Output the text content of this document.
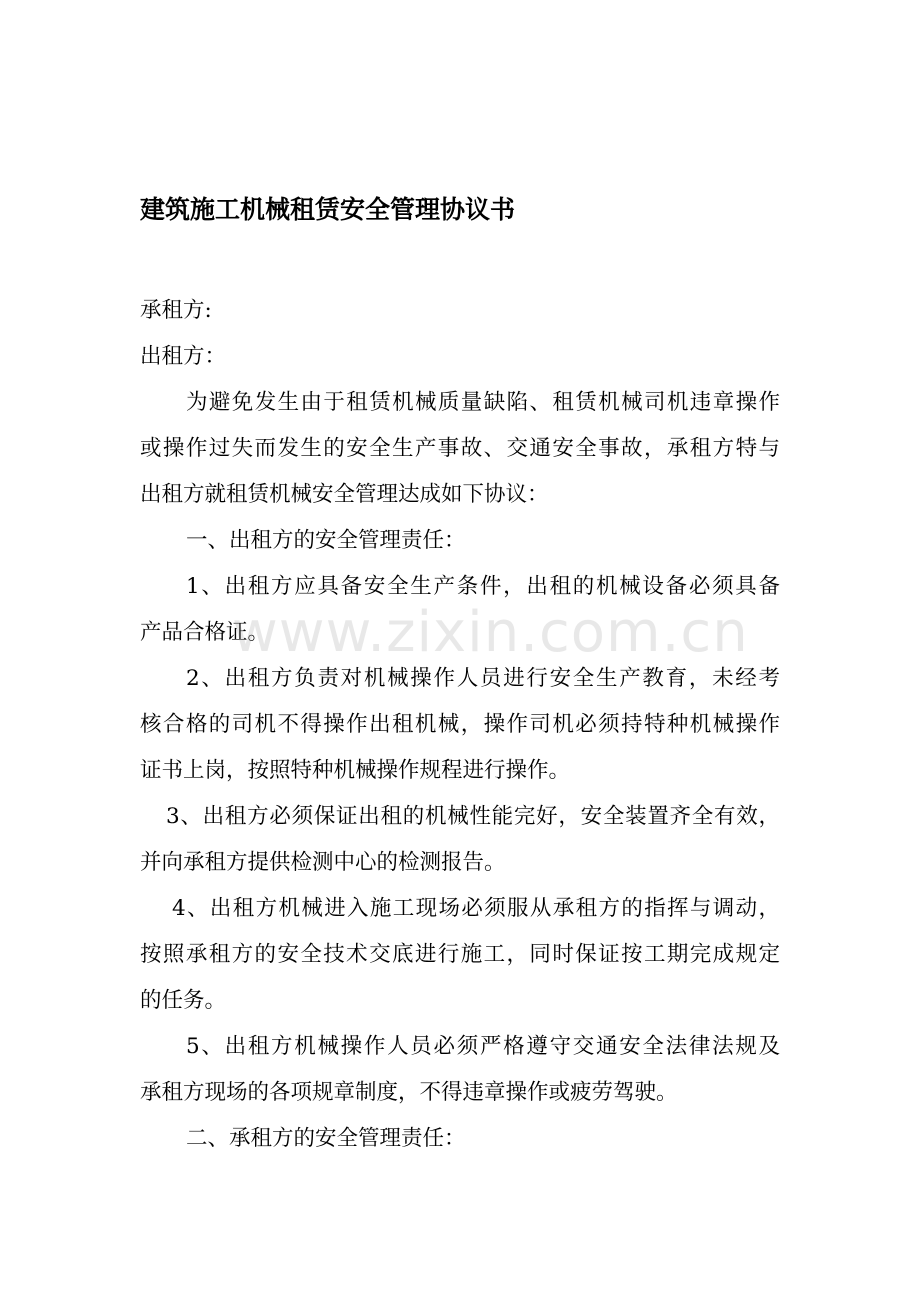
建筑施工机械租赁安全管理协议书
承租方:
出租方：
为避免发生由于租赁机械质量缺陷、租赁机械司机违章操作
或操作过失而发生的安全生产事故、交通安全事故，承租方特与
出租方就租赁机械安全管理达成如下协议：
一、出租方的安全管理责任：
1、出租方应具备安全生产条件，出租的机械设备必须具备
产品合格证。
2、出租方负责对机械操作人员进行安全生产教育，未经考
核合格的司机不得操作出租机械，操作司机必须持特种机械操作
证书上岗，按照特种机械操作规程进行操作。
3、出租方必须保证出租的机械性能完好，安全装置齐全有效，
并向承租方提供检测中心的检测报告。
4、出租方机械进入施工现场必须服从承租方的指挥与调动，
按照承租方的安全技术交底进行施工，同时保证按工期完成规定
的任务。
5、出租方机械操作人员必须严格遵守交通安全法律法规及
承租方现场的各项规章制度，不得违章操作或疲劳驾驶。
二、承租方的安全管理责任：
www.zixin.com.cn
